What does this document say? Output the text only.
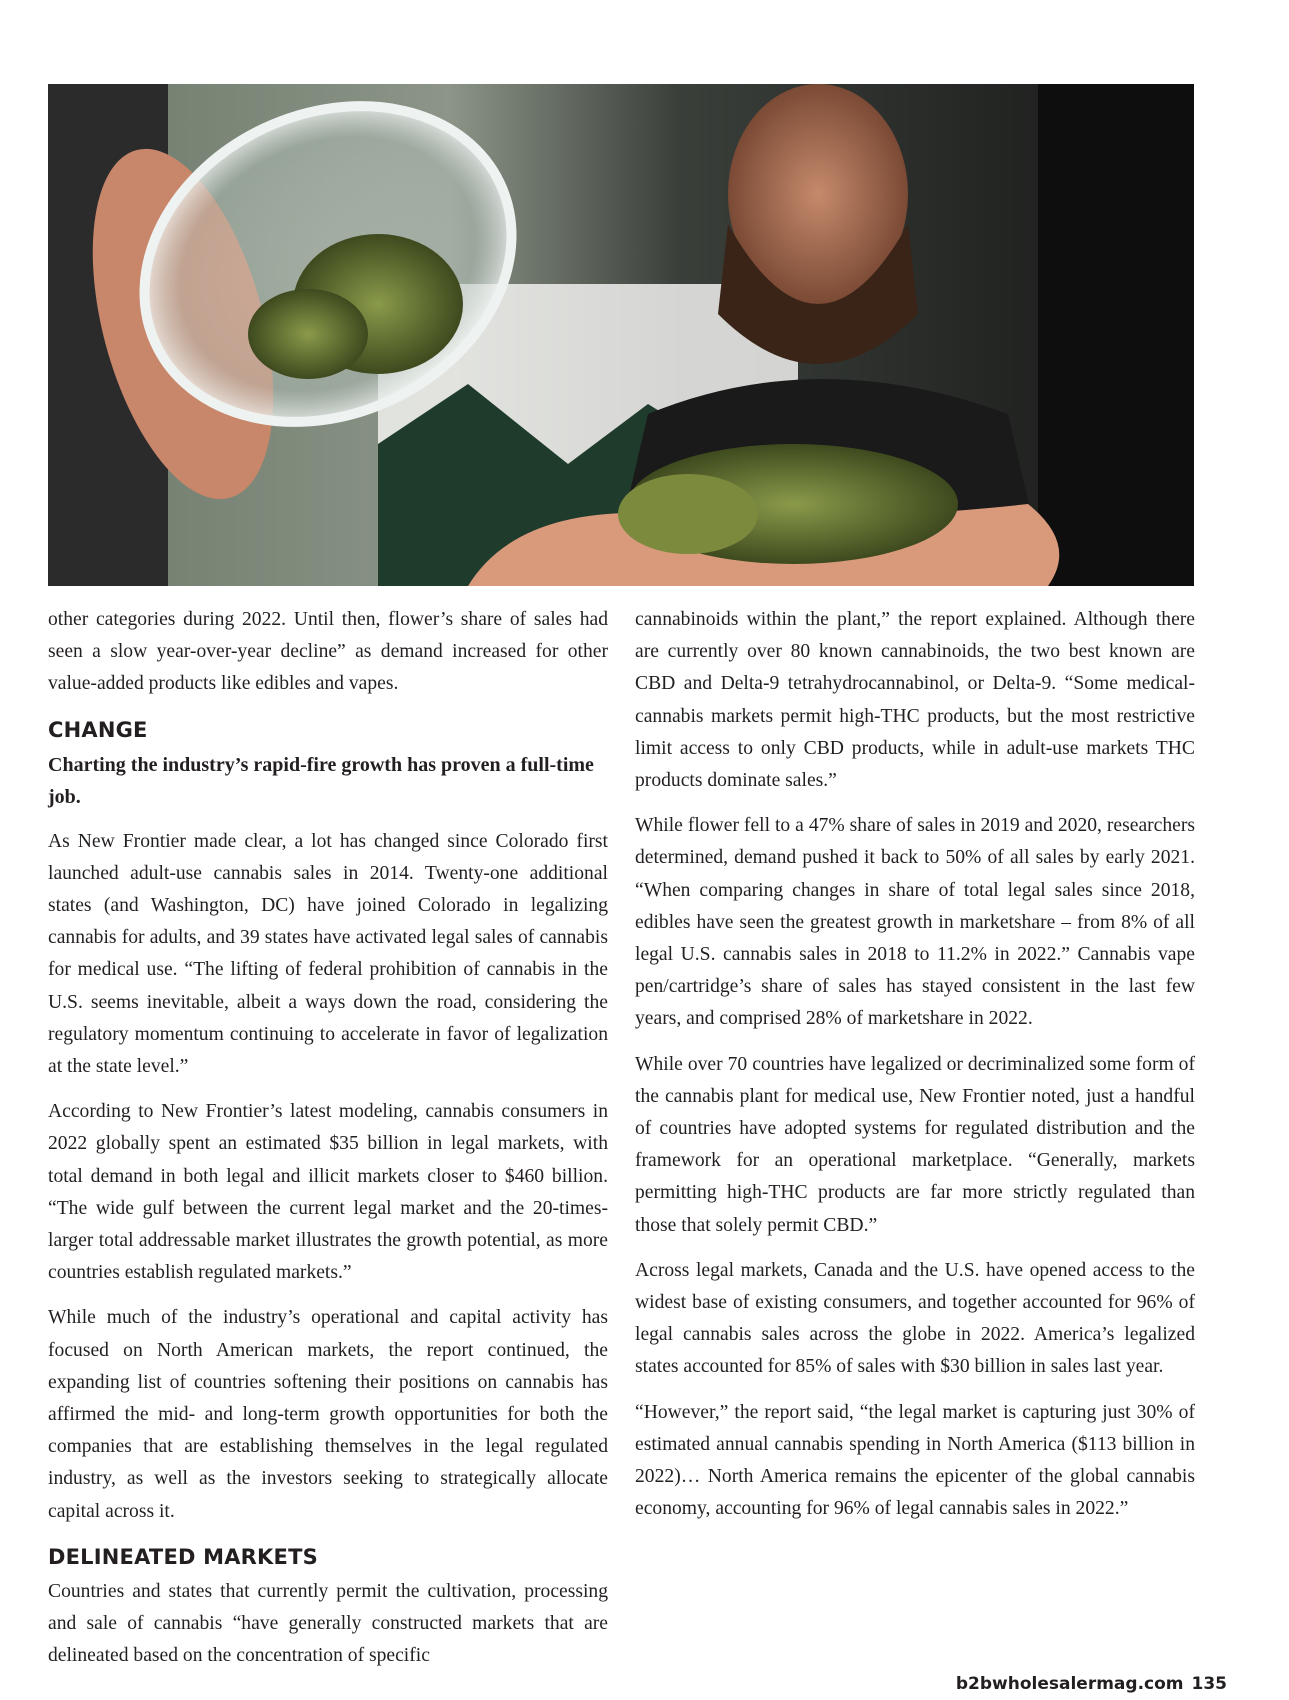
other categories during 2022. Until then, flower’s share of sales had seen a slow year-over-year decline” as demand increased for other value-added products like edibles and vapes.

CHANGE

Charting the industry’s rapid-fire growth has proven a full-time job.

As New Frontier made clear, a lot has changed since Colorado first launched adult-use cannabis sales in 2014. Twenty-one additional states (and Washington, DC) have joined Colorado in legalizing cannabis for adults, and 39 states have activated legal sales of cannabis for medical use. “The lifting of federal prohibition of cannabis in the U.S. seems inevitable, albeit a ways down the road, considering the regulatory momentum continuing to accelerate in favor of legalization at the state level.”

According to New Frontier’s latest modeling, cannabis consumers in 2022 globally spent an estimated $35 billion in legal markets, with total demand in both legal and illicit markets closer to $460 billion. “The wide gulf between the current legal market and the 20-times-larger total addressable market illustrates the growth potential, as more countries establish regulated markets.”

While much of the industry’s operational and capital activity has focused on North American markets, the report continued, the expanding list of countries softening their positions on cannabis has affirmed the mid- and long-term growth opportunities for both the companies that are establishing themselves in the legal regulated industry, as well as the investors seeking to strategically allocate capital across it.

DELINEATED MARKETS

Countries and states that currently permit the cultivation, processing and sale of cannabis “have generally constructed markets that are delineated based on the concentration of specific

cannabinoids within the plant,” the report explained. Although there are currently over 80 known cannabinoids, the two best known are CBD and Delta-9 tetrahydrocannabinol, or Delta-9. “Some medical-cannabis markets permit high-THC products, but the most restrictive limit access to only CBD products, while in adult-use markets THC products dominate sales.”

While flower fell to a 47% share of sales in 2019 and 2020, researchers determined, demand pushed it back to 50% of all sales by early 2021. “When comparing changes in share of total legal sales since 2018, edibles have seen the greatest growth in marketshare – from 8% of all legal U.S. cannabis sales in 2018 to 11.2% in 2022.” Cannabis vape pen/cartridge’s share of sales has stayed consistent in the last few years, and comprised 28% of marketshare in 2022.

While over 70 countries have legalized or decriminalized some form of the cannabis plant for medical use, New Frontier noted, just a handful of countries have adopted systems for regulated distribution and the framework for an operational marketplace. “Generally, markets permitting high-THC products are far more strictly regulated than those that solely permit CBD.”

Across legal markets, Canada and the U.S. have opened access to the widest base of existing consumers, and together accounted for 96% of legal cannabis sales across the globe in 2022. America’s legalized states accounted for 85% of sales with $30 billion in sales last year.

“However,” the report said, “the legal market is capturing just 30% of estimated annual cannabis spending in North America ($113 billion in 2022)… North America remains the epicenter of the global cannabis economy, accounting for 96% of legal cannabis sales in 2022.”

b2bwholesalermag.com 135
